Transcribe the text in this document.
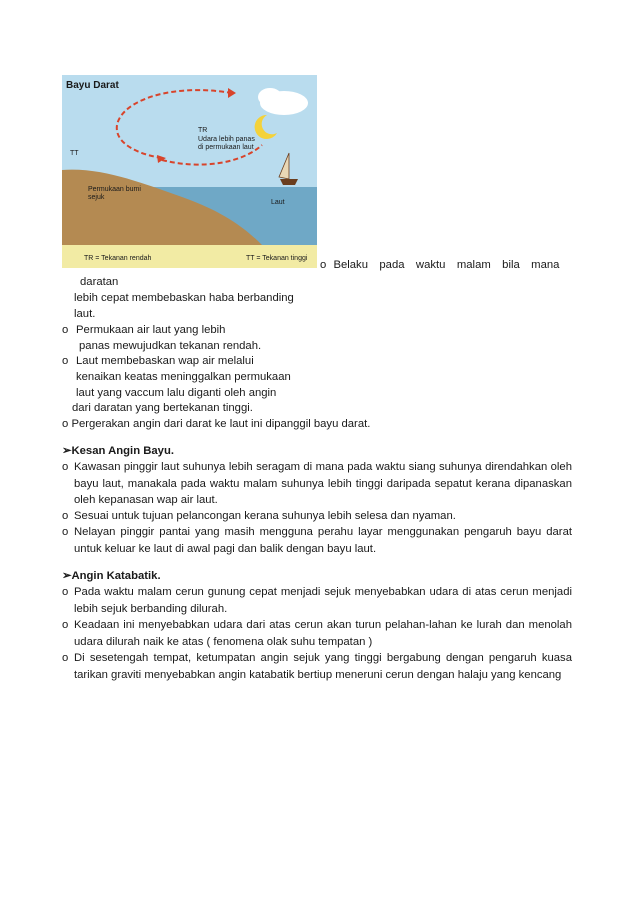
Bayu Darat
TR
Udara lebih panas
di permukaan laut
TT
Permukaan bumi
sejuk
Laut
TR = Tekanan rendah	TT = Tekanan tinggi
o Belaku pada waktu malam bila mana
daratan
lebih cepat membebaskan haba berbanding
laut.
o Permukaan air laut yang lebih
panas mewujudkan tekanan rendah.
o Laut membebaskan wap air melalui
kenaikan keatas meninggalkan permukaan
laut yang vaccum lalu diganti oleh angin
dari daratan yang bertekanan tinggi.
o Pergerakan angin dari darat ke laut ini dipanggil bayu darat.
➢Kesan Angin Bayu.
o Kawasan pinggir laut suhunya lebih seragam di mana pada waktu siang suhunya direndahkan oleh bayu laut, manakala pada waktu malam suhunya lebih tinggi daripada sepatut kerana dipanaskan oleh kepanasan wap air laut.
o Sesuai untuk tujuan pelancongan kerana suhunya lebih selesa dan nyaman.
o Nelayan pinggir pantai yang masih mengguna perahu layar menggunakan pengaruh bayu darat untuk keluar ke laut di awal pagi dan balik dengan bayu laut.
➢Angin Katabatik.
o Pada waktu malam cerun gunung cepat menjadi sejuk menyebabkan udara di atas cerun menjadi lebih sejuk berbanding dilurah.
o Keadaan ini menyebabkan udara dari atas cerun akan turun pelahan-lahan ke lurah dan menolah udara dilurah naik ke atas ( fenomena olak suhu tempatan )
o Di sesetengah tempat, ketumpatan angin sejuk yang tinggi bergabung dengan pengaruh kuasa tarikan graviti menyebabkan angin katabatik bertiup meneruni cerun dengan halaju yang kencang
